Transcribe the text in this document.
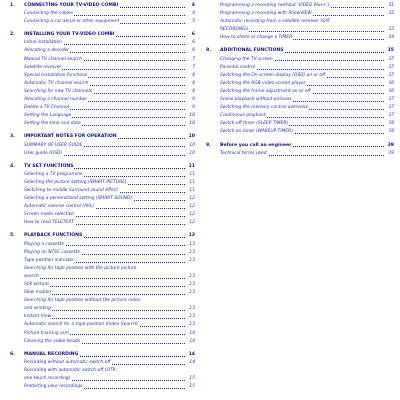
1.	CONNECTING YOUR TV-VIDEO COMBI	4
Connecting the cables	4
Connecting a car aerial or other equipment	5
2.	INSTALLING YOUR TV-VIDEO COMBI	6
Initial installation	6
Allocating a decoder	6
Manual TV channel search	7
Satellite receiver	7
Special installation functions	8
Automatic TV channel search	8
Searching for new TV channels	8
Allocating a channel number	9
Delete a TV Channel	9
Setting the Language	10
Setting the time and date	10
3.	IMPORTANT NOTES FOR OPERATION	10
SUMMARY OF USER GUIDE	10
User guide (OSD)	10
4.	TV SET FUNCTIONS	11
Selecting a TV programme	11
Selecting the picture setting (SMART PICTURE)	11
Switching to middle Surround sound effect	11
Selecting a personalised setting (SMART SOUND)	12
Automatic volume control (AVL)	12
Screen mode selection	12
How to read TELETEXT	12
5.	PLAYBACK FUNCTIONS	13
Playing a cassette	13
Playing an NTSC cassette	13
Tape position indicator	13
Searching for tape position with the picture picture
search	13
Still picture	13
Slow motion	13
Searching for tape position without the picture index
and winding	13
Instant View	13
Automatic search for a tape position (Index Search)	13
Picture tracking arm	14
Cleaning the video heads	14
6.	MANUAL RECORDING	14
Recording without automatic switch-off	14
Recording with automatic switch-off (OTR:
one-touch recording)	15
Protecting your recordings	15
Programming a recording (without 'VIDEO Plus+')	31
Programming a recording with ShowVIEW	32
Automatic recording from a satellite receiver (SAT
RECORDING)	33
How to check or change a TIMER	34
8.	ADDITIONAL FUNCTIONS	35
Changing the TV screen	35
Parental control	35
Switching the On-screen display (OSD) on or off	35
Switching the RGB video screen player	36
Switching the frame adjustment on or off	36
Scene playback without pictures	37
Switching the memory control overview	37
Continuous playback	37
Switch off timer (SLEEP TIMER)	38
Switch on timer (WAKEUP TIMER)	38
9.	Before you call an engineer	39
Technical terms used	39
